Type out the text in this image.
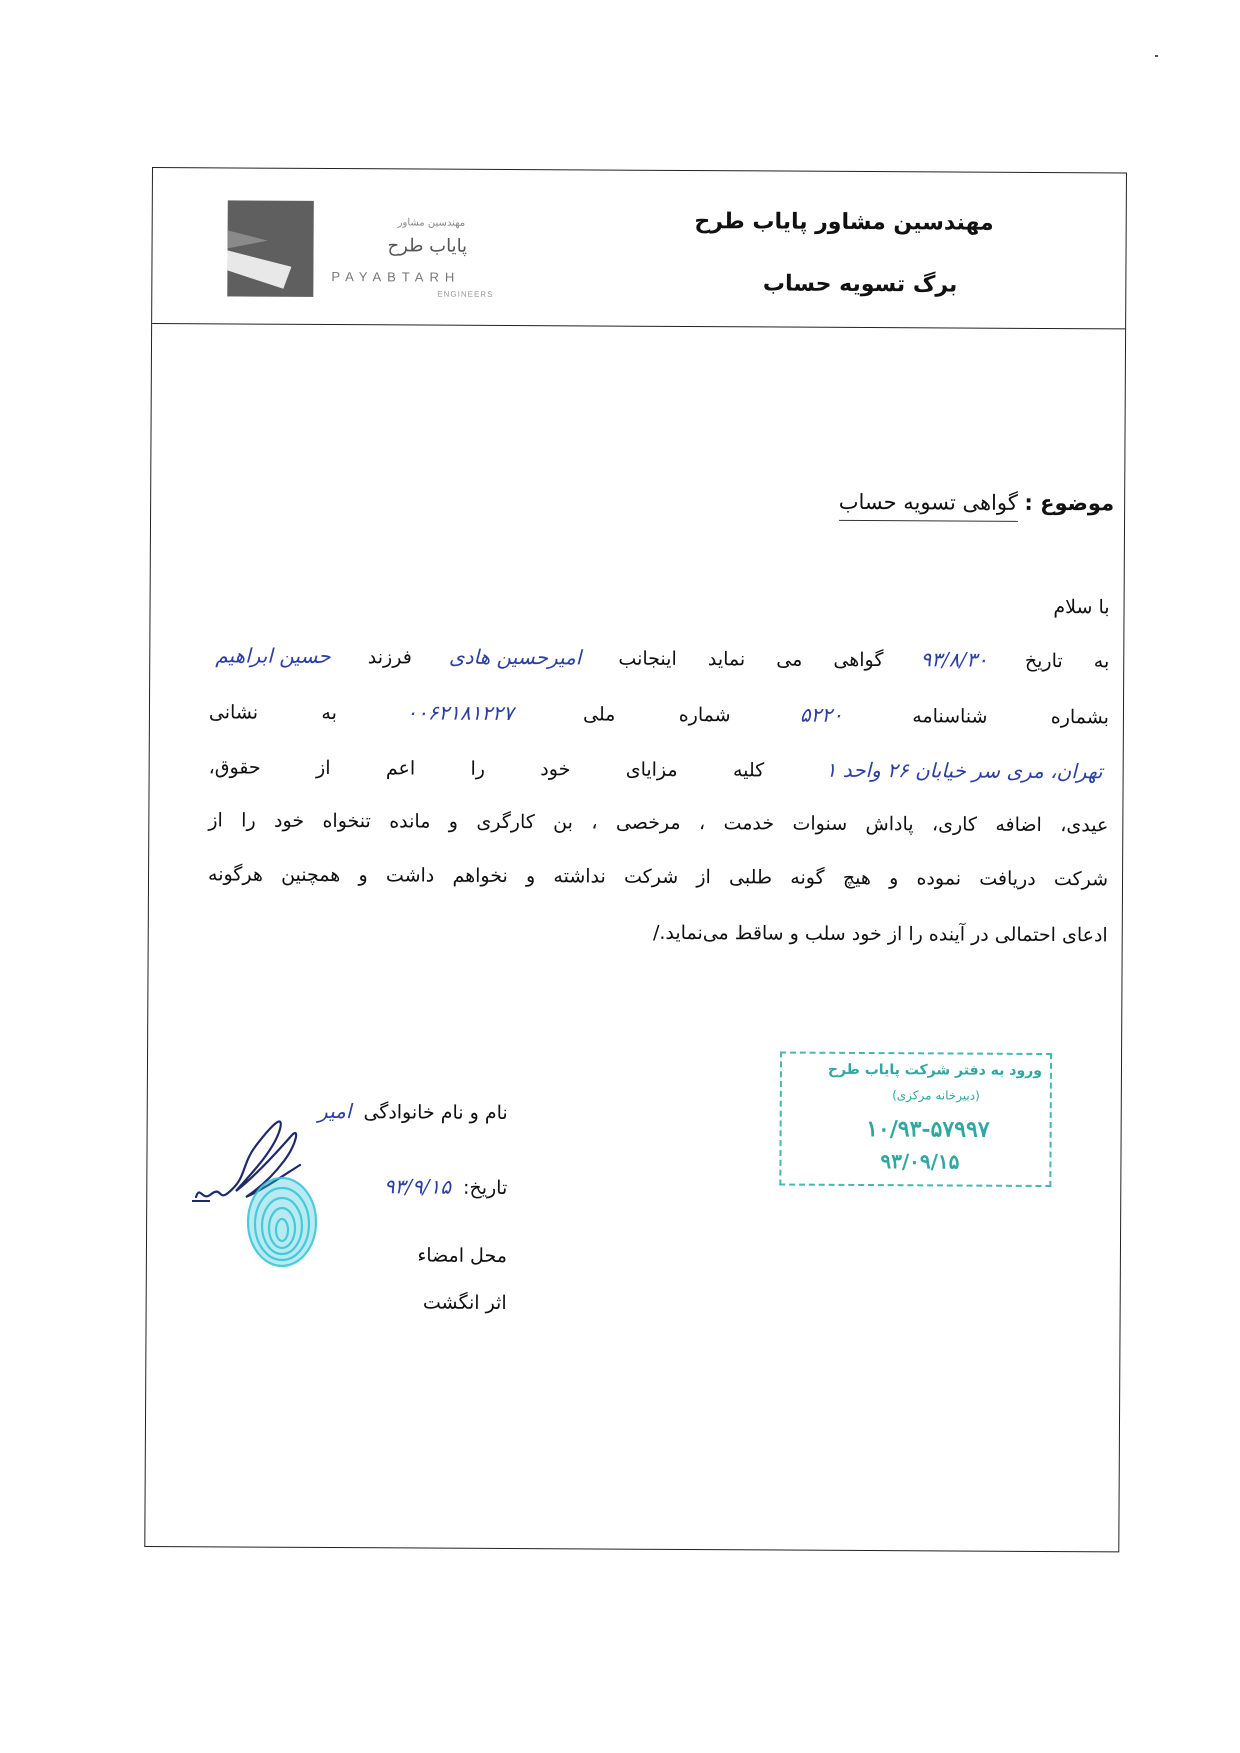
مهندسین مشاور
پایاب طرح
PAYABTARH
ENGINEERS
مهندسین مشاور پایاب طرح
برگ تسویه حساب
موضوع : گواهی تسویه حساب
با سلام
به تاریخ ۹۳/۸/۳۰ گواهی می نماید اینجانب امیرحسین هادی فرزند حسین ابراهیم
بشماره شناسنامه ۵۲۲۰ شماره ملی ۰۰۶۲۱۸۱۲۲۷ به نشانی
تهران، مری سر خیابان ۲۶ واحد ۱ کلیه مزایای خود را اعم از حقوق،
عیدی، اضافه کاری، پاداش سنوات خدمت ، مرخصی ، بن کارگری و مانده تنخواه خود را از
شرکت دریافت نموده و هیچ گونه طلبی از شرکت نداشته و نخواهم داشت و همچنین هرگونه
ادعای احتمالی در آینده را از خود سلب و ساقط می‌نماید./
ورود به دفتر شرکت پایاب طرح
(دبیرخانه مرکزی)
۱۰/۹۳-۵۷۹۹۷
۹۳/۰۹/۱۵
نام و نام خانوادگی امیر
تاریخ: ۹۳/۹/۱۵
محل امضاء
اثر انگشت
